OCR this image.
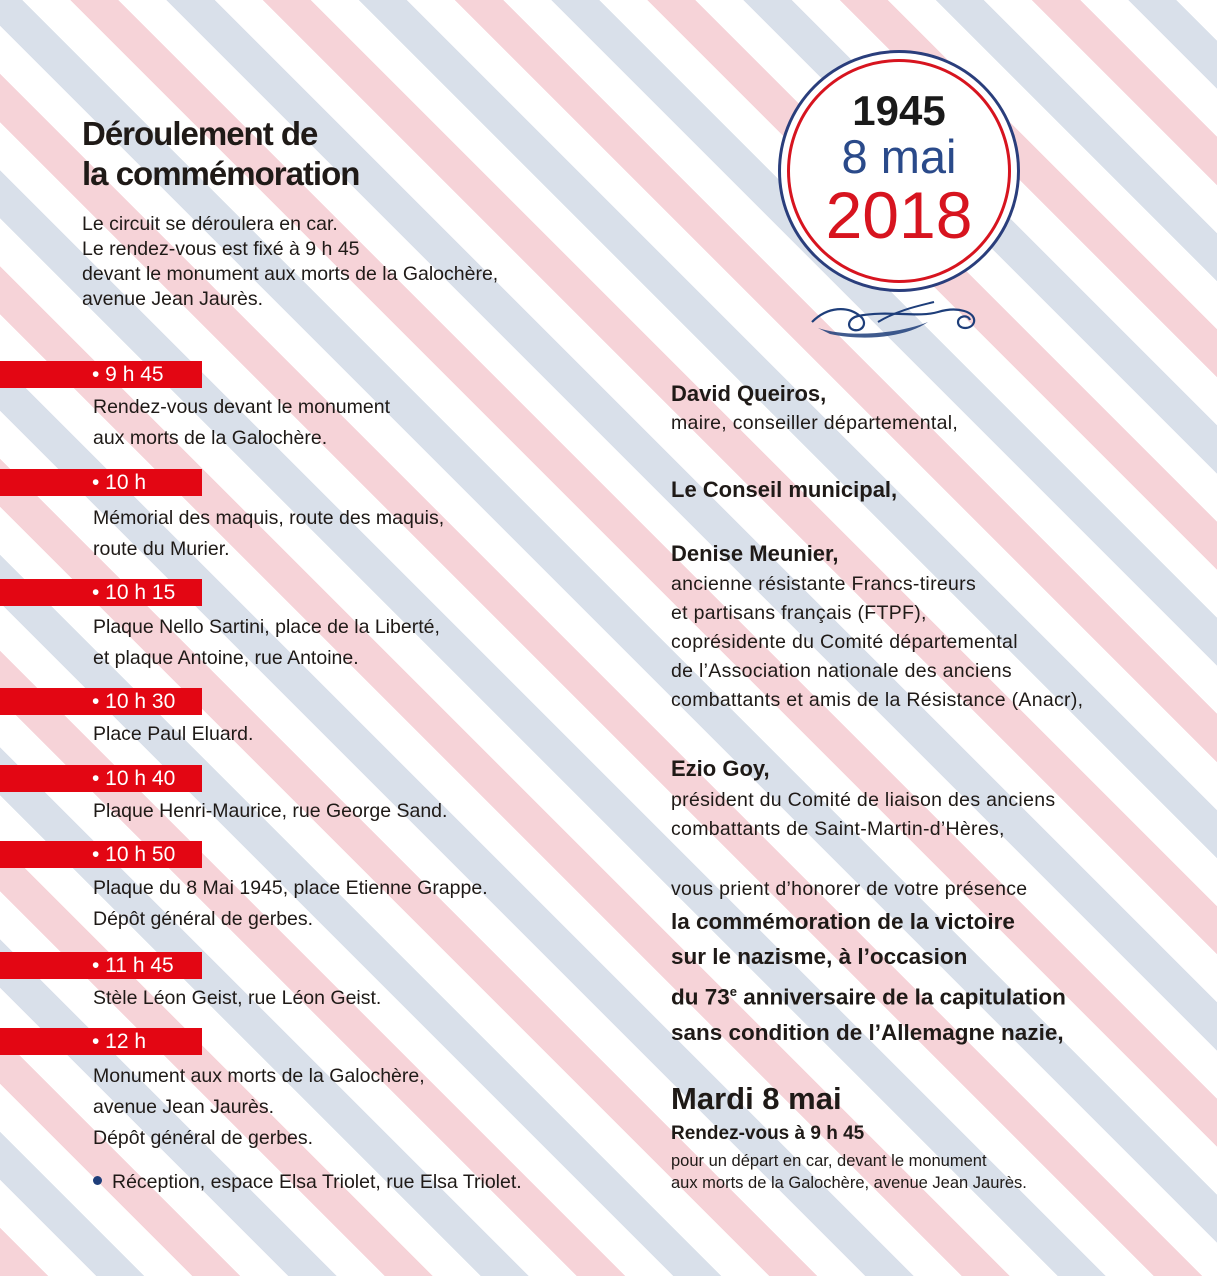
Déroulement de
la commémoration
Le circuit se déroulera en car.
Le rendez-vous est fixé à 9 h 45
devant le monument aux morts de la Galochère,
avenue Jean Jaurès.
• 9 h 45
Rendez-vous devant le monument
aux morts de la Galochère.
• 10 h
Mémorial des maquis, route des maquis,
route du Murier.
• 10 h 15
Plaque Nello Sartini, place de la Liberté,
et plaque Antoine, rue Antoine.
• 10 h 30
Place Paul Eluard.
• 10 h 40
Plaque Henri-Maurice, rue George Sand.
• 10 h 50
Plaque du 8 Mai 1945, place Etienne Grappe.
Dépôt général de gerbes.
• 11 h 45
Stèle Léon Geist, rue Léon Geist.
• 12 h
Monument aux morts de la Galochère,
avenue Jean Jaurès.
Dépôt général de gerbes.
Réception, espace Elsa Triolet, rue Elsa Triolet.
1945
8 mai
2018
David Queiros,
maire, conseiller départemental,
Le Conseil municipal,
Denise Meunier,
ancienne résistante Francs-tireurs
et partisans français (FTPF),
coprésidente du Comité départemental
de l’Association nationale des anciens
combattants et amis de la Résistance (Anacr),
Ezio Goy,
président du Comité de liaison des anciens
combattants de Saint-Martin-d’Hères,
vous prient d’honorer de votre présence
la commémoration de la victoire
sur le nazisme, à l’occasion
du 73e anniversaire de la capitulation
sans condition de l’Allemagne nazie,
Mardi 8 mai
Rendez-vous à 9 h 45
pour un départ en car, devant le monument
aux morts de la Galochère, avenue Jean Jaurès.
